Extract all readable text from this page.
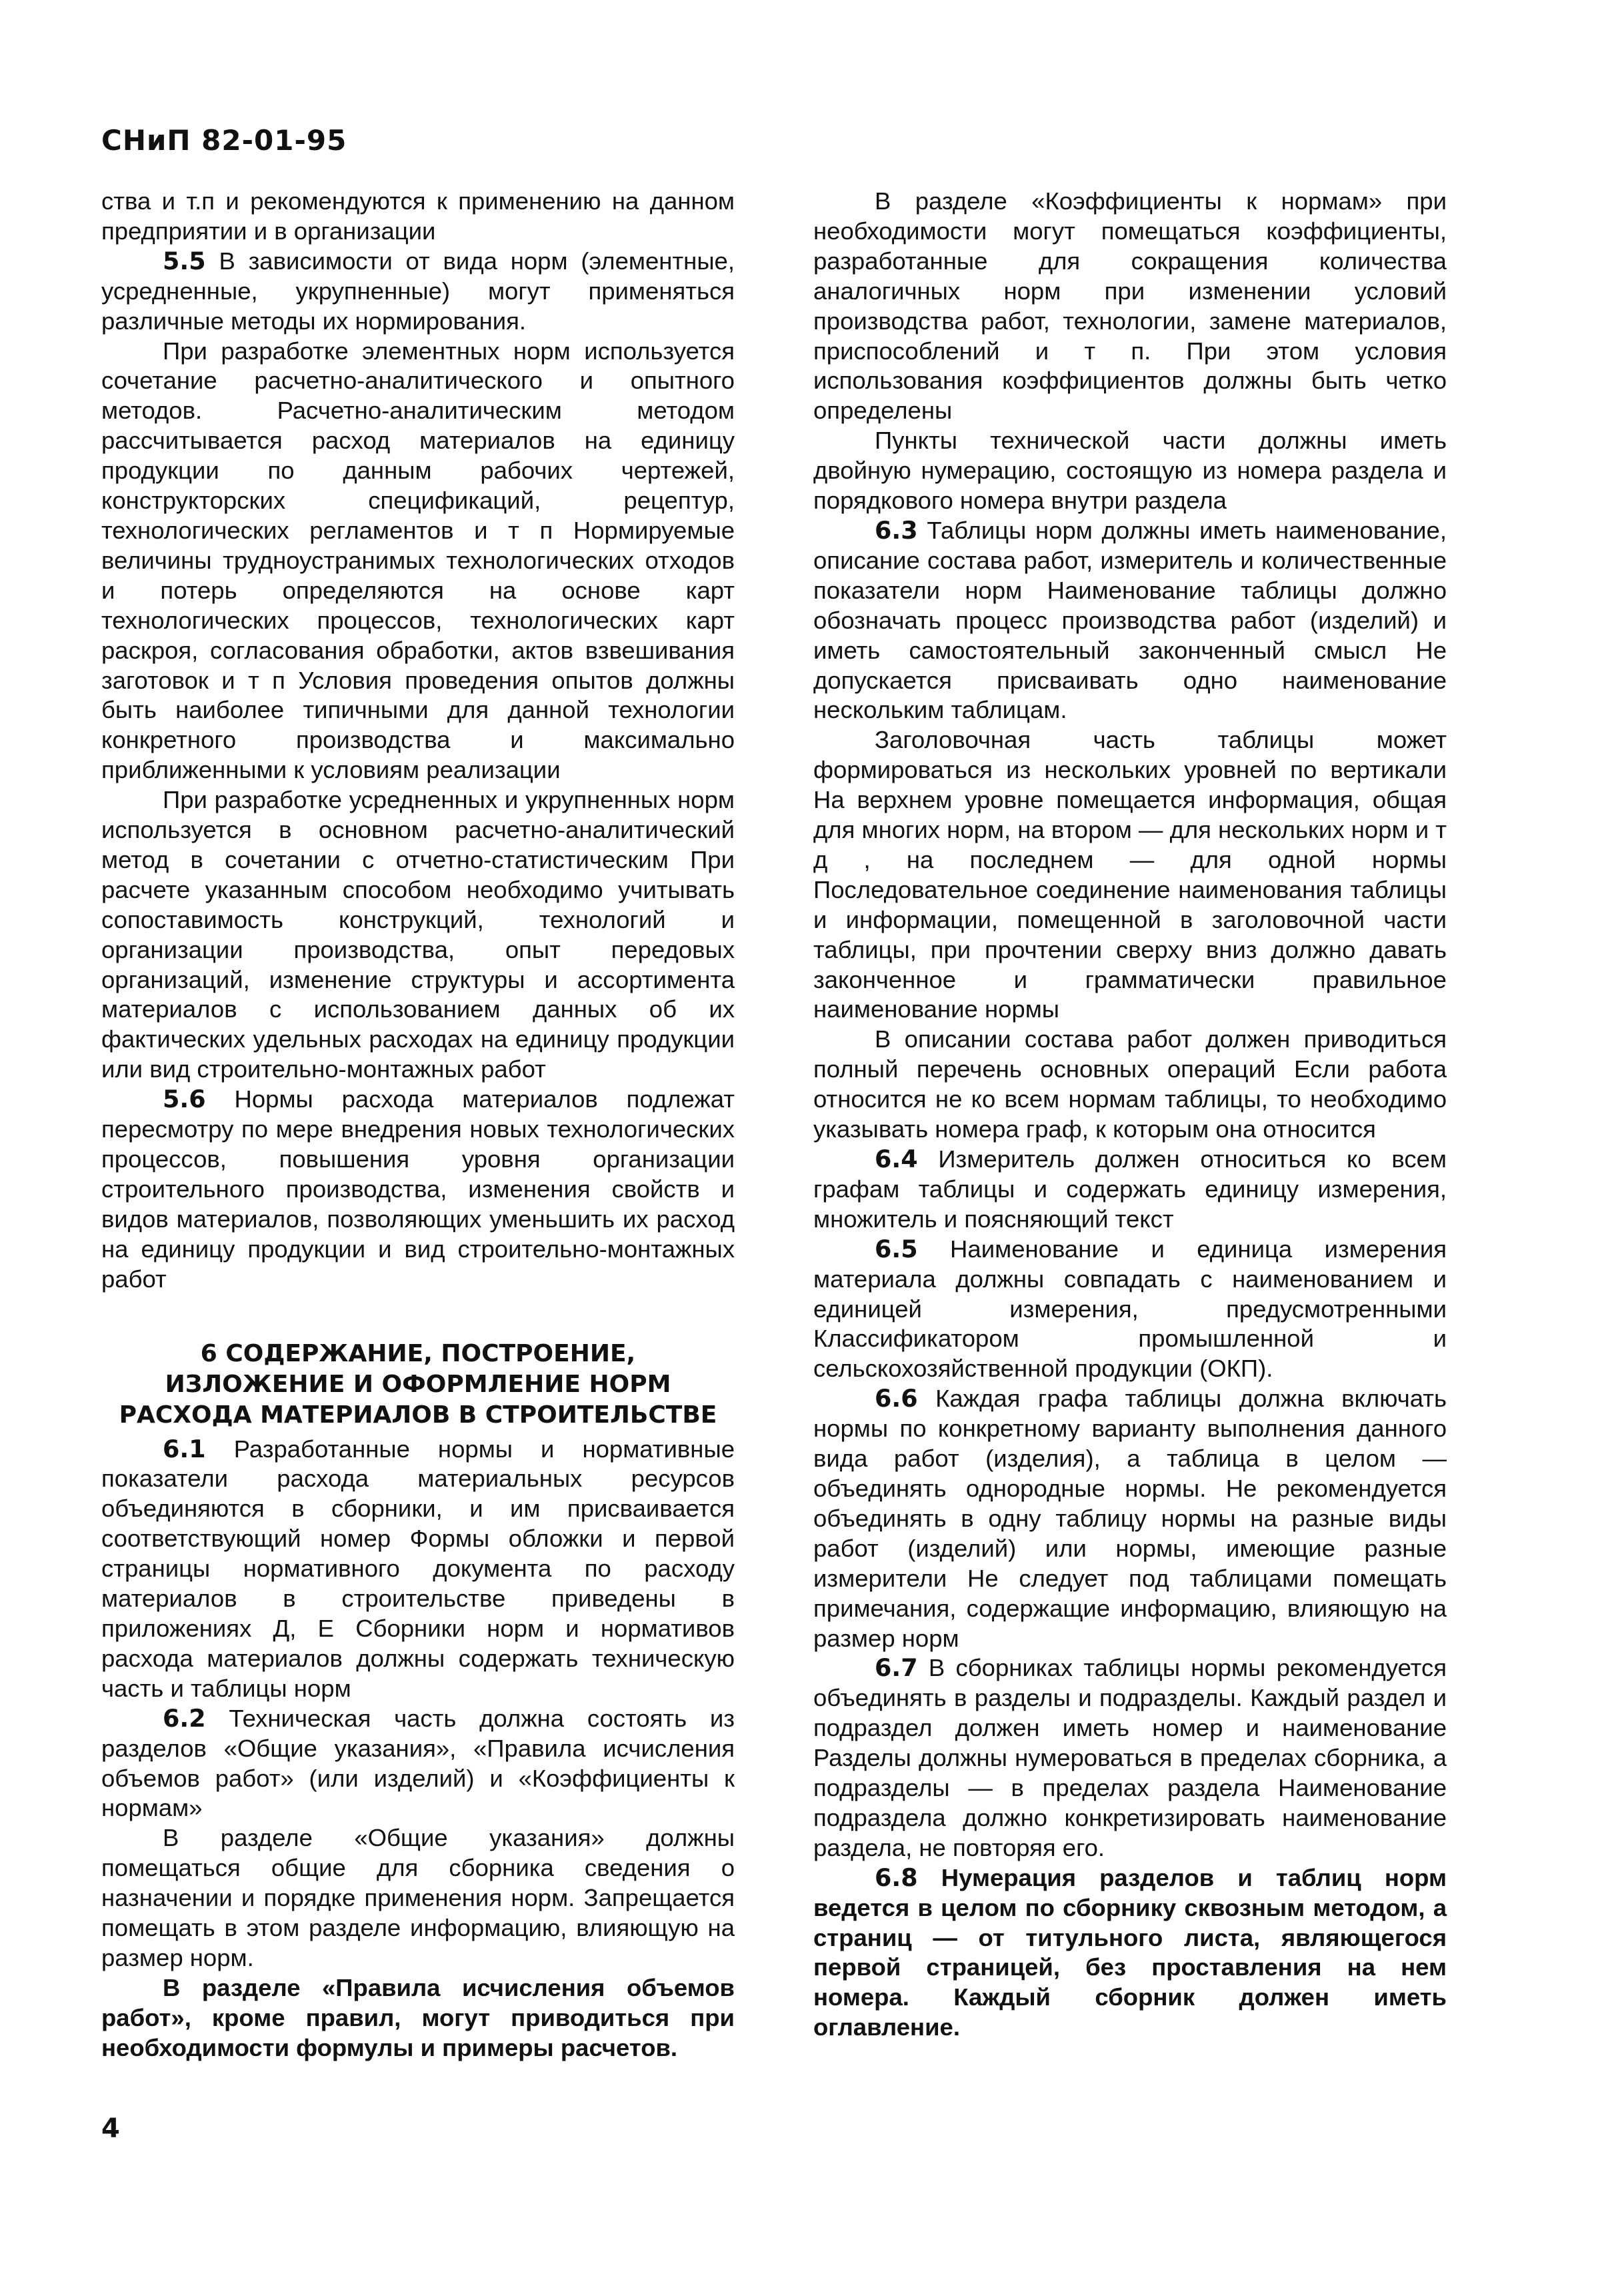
СНиП 82-01-95

ства и т.п и рекомендуются к применению на данном предприятии и в организации

5.5 В зависимости от вида норм (элементные, усредненные, укрупненные) могут применяться различные методы их нормирования.

При разработке элементных норм используется сочетание расчетно-аналитического и опытного методов. Расчетно-аналитическим методом рассчитывается расход материалов на единицу продукции по данным рабочих чертежей, конструкторских спецификаций, рецептур, технологических регламентов и т п Нормируемые величины трудноустранимых технологических отходов и потерь определяются на основе карт технологических процессов, технологических карт раскроя, согласования обработки, актов взвешивания заготовок и т п Условия проведения опытов должны быть наиболее типичными для данной технологии конкретного производства и максимально приближенными к условиям реализации

При разработке усредненных и укрупненных норм используется в основном расчетно-аналитический метод в сочетании с отчетно-статистическим При расчете указанным способом необходимо учитывать сопоставимость конструкций, технологий и организации производства, опыт передовых организаций, изменение структуры и ассортимента материалов с использованием данных об их фактических удельных расходах на единицу продукции или вид строительно-монтажных работ

5.6 Нормы расхода материалов подлежат пересмотру по мере внедрения новых технологических процессов, повышения уровня организации строительного производства, изменения свойств и видов материалов, позволяющих уменьшить их расход на единицу продукции и вид строительно-монтажных работ

6 СОДЕРЖАНИЕ, ПОСТРОЕНИЕ,
ИЗЛОЖЕНИЕ И ОФОРМЛЕНИЕ НОРМ
РАСХОДА МАТЕРИАЛОВ В СТРОИТЕЛЬСТВЕ

6.1 Разработанные нормы и нормативные показатели расхода материальных ресурсов объединяются в сборники, и им присваивается соответствующий номер Формы обложки и первой страницы нормативного документа по расходу материалов в строительстве приведены в приложениях Д, Е Сборники норм и нормативов расхода материалов должны содержать техническую часть и таблицы норм

6.2 Техническая часть должна состоять из разделов «Общие указания», «Правила исчисления объемов работ» (или изделий) и «Коэффициенты к нормам»

В разделе «Общие указания» должны помещаться общие для сборника сведения о назначении и порядке применения норм. Запрещается помещать в этом разделе информацию, влияющую на размер норм.

В разделе «Правила исчисления объемов работ», кроме правил, могут приводиться при необходимости формулы и примеры расчетов.

В разделе «Коэффициенты к нормам» при необходимости могут помещаться коэффициенты, разработанные для сокращения количества аналогичных норм при изменении условий производства работ, технологии, замене материалов, приспособлений и т п. При этом условия использования коэффициентов должны быть четко определены

Пункты технической части должны иметь двойную нумерацию, состоящую из номера раздела и порядкового номера внутри раздела

6.3 Таблицы норм должны иметь наименование, описание состава работ, измеритель и количественные показатели норм Наименование таблицы должно обозначать процесс производства работ (изделий) и иметь самостоятельный законченный смысл Не допускается присваивать одно наименование нескольким таблицам.

Заголовочная часть таблицы может формироваться из нескольких уровней по вертикали На верхнем уровне помещается информация, общая для многих норм, на втором — для нескольких норм и т д , на последнем — для одной нормы Последовательное соединение наименования таблицы и информации, помещенной в заголовочной части таблицы, при прочтении сверху вниз должно давать законченное и грамматически правильное наименование нормы

В описании состава работ должен приводиться полный перечень основных операций Если работа относится не ко всем нормам таблицы, то необходимо указывать номера граф, к которым она относится

6.4 Измеритель должен относиться ко всем графам таблицы и содержать единицу измерения, множитель и поясняющий текст

6.5 Наименование и единица измерения материала должны совпадать с наименованием и единицей измерения, предусмотренными Классификатором промышленной и сельскохозяйственной продукции (ОКП).

6.6 Каждая графа таблицы должна включать нормы по конкретному варианту выполнения данного вида работ (изделия), а таблица в целом — объединять однородные нормы. Не рекомендуется объединять в одну таблицу нормы на разные виды работ (изделий) или нормы, имеющие разные измерители Не следует под таблицами помещать примечания, содержащие информацию, влияющую на размер норм

6.7 В сборниках таблицы нормы рекомендуется объединять в разделы и подразделы. Каждый раздел и подраздел должен иметь номер и наименование Разделы должны нумероваться в пределах сборника, а подразделы — в пределах раздела Наименование подраздела должно конкретизировать наименование раздела, не повторяя его.

6.8 Нумерация разделов и таблиц норм ведется в целом по сборнику сквозным методом, а страниц — от титульного листа, являющегося первой страницей, без проставления на нем номера. Каждый сборник должен иметь оглавление.

4
